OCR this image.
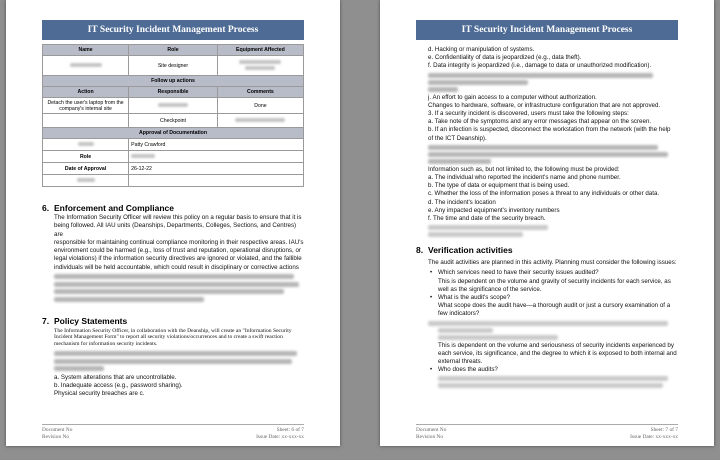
IT Security Incident Management Process
Name	Role	Equipment Affected
	Site designer	

Follow up actions		
Action	Responsible	Comments
Detach the user's laptop from the company's internal site		Done
	Checkpoint	
Approval of Documentation		
	Patty Crawford	
Role		
Date of Approval	26-12-22	

6. Enforcement and Compliance

The Information Security Officer will review this policy on a regular basis to ensure that it is

being followed. All IAU units (Deanships, Departments, Colleges, Sections, and Centres) are

responsible for maintaining continual compliance monitoring in their respective areas. IAU's

environment could be harmed (e.g., loss of trust and reputation, operational disruptions, or

legal violations) if the information security directives are ignored or violated, and the fallible

individuals will be held accountable, which could result in disciplinary or corrective actions

7. Policy Statements

The Information Security Officer, in collaboration with the Deanship, will create an "Information Security

Incident Management Form" to report all security violations/occurrences and to create a swift reaction

mechanism for information security incidents.

a. System alterations that are uncontrollable.

b. Inadequate access (e.g., password sharing).

Physical security breaches are c.

Document No
Revision No
Sheet: 6 of 7
Issue Date: xx-xxx-xx
IT Security Incident Management Process

d. Hacking or manipulation of systems.

e. Confidentiality of data is jeopardized (e.g., data theft).

f. Data integrity is jeopardized (i.e., damage to data or unauthorized modification).

j. An effort to gain access to a computer without authorization.

Changes to hardware, software, or infrastructure configuration that are not approved.

3. If a security incident is discovered, users must take the following steps:

a. Take note of the symptoms and any error messages that appear on the screen.

b. If an infection is suspected, disconnect the workstation from the network (with the help

of the ICT Deanship).

Information such as, but not limited to, the following must be provided:

a. The individual who reported the incident's name and phone number.

b. The type of data or equipment that is being used.

c. Whether the loss of the information poses a threat to any individuals or other data.

d. The incident's location

e. Any impacted equipment's inventory numbers

f. The time and date of the security breach.

8. Verification activities

The audit activities are planned in this activity. Planning must consider the following issues:

• Which services need to have their security issues audited?

This is dependent on the volume and gravity of security incidents for each service, as

well as the significance of the service.

• What is the audit's scope?

What scope does the audit have—a thorough audit or just a cursory examination of a

few indicators?

This is dependent on the volume and seriousness of security incidents experienced by

each service, its significance, and the degree to which it is exposed to both internal and

external threats.

• Who does the audits?

Document No
Revision No
Sheet: 7 of 7
Issue Date: xx-xxx-xx
